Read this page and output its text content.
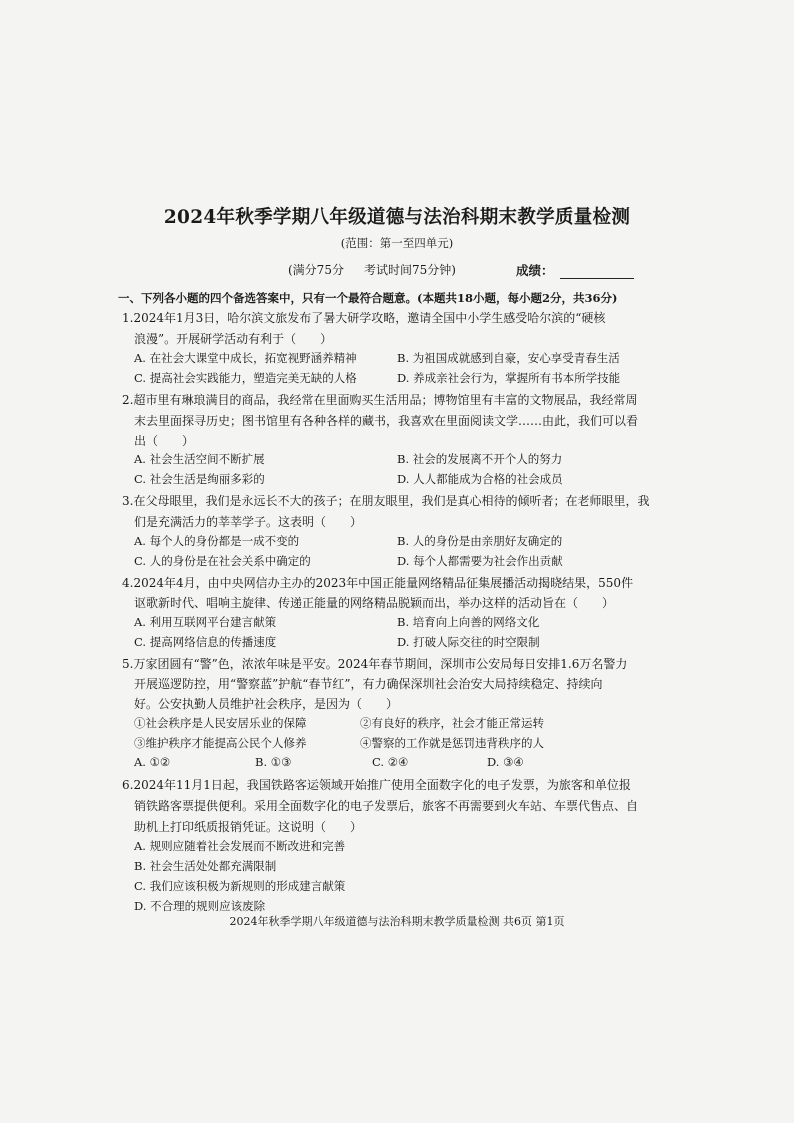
2024年秋季学期八年级道德与法治科期末教学质量检测
(范围：第一至四单元)
(满分75分 考试时间75分钟)	成绩：
一、下列各小题的四个备选答案中，只有一个最符合题意。(本题共18小题，每小题2分，共36分)
1.2024年1月3日，哈尔滨文旅发布了暑大研学攻略，邀请全国中小学生感受哈尔滨的“硬核
浪漫”。开展研学活动有利于（　　）
A. 在社会大课堂中成长，拓宽视野涵养精神	B. 为祖国成就感到自豪，安心享受青春生活
C. 提高社会实践能力，塑造完美无缺的人格	D. 养成亲社会行为，掌握所有书本所学技能
2.超市里有琳琅满目的商品，我经常在里面购买生活用品；博物馆里有丰富的文物展品，我经常周
末去里面探寻历史；图书馆里有各种各样的藏书，我喜欢在里面阅读文学……由此，我们可以看
出（　　）
A. 社会生活空间不断扩展	B. 社会的发展离不开个人的努力
C. 社会生活是绚丽多彩的	D. 人人都能成为合格的社会成员
3.在父母眼里，我们是永远长不大的孩子；在朋友眼里，我们是真心相待的倾听者；在老师眼里，我
们是充满活力的莘莘学子。这表明（　　）
A. 每个人的身份都是一成不变的	B. 人的身份是由亲朋好友确定的
C. 人的身份是在社会关系中确定的	D. 每个人都需要为社会作出贡献
4.2024年4月，由中央网信办主办的2023年中国正能量网络精品征集展播活动揭晓结果，550件
讴歌新时代、唱响主旋律、传递正能量的网络精品脱颖而出，举办这样的活动旨在（　　）
A. 利用互联网平台建言献策	B. 培育向上向善的网络文化
C. 提高网络信息的传播速度	D. 打破人际交往的时空限制
5.万家团圆有“警”色，浓浓年味是平安。2024年春节期间，深圳市公安局每日安排1.6万名警力
开展巡逻防控，用“警察蓝”护航“春节红”，有力确保深圳社会治安大局持续稳定、持续向
好。公安执勤人员维护社会秩序，是因为（　　）
①社会秩序是人民安居乐业的保障	②有良好的秩序，社会才能正常运转
③维护秩序才能提高公民个人修养	④警察的工作就是惩罚违背秩序的人
A. ①②	B. ①③	C. ②④	D. ③④
6.2024年11月1日起，我国铁路客运领域开始推广使用全面数字化的电子发票，为旅客和单位报
销铁路客票提供便利。采用全面数字化的电子发票后，旅客不再需要到火车站、车票代售点、自
助机上打印纸质报销凭证。这说明（　　）
A. 规则应随着社会发展而不断改进和完善
B. 社会生活处处都充满限制
C. 我们应该积极为新规则的形成建言献策
D. 不合理的规则应该废除
2024年秋季学期八年级道德与法治科期末教学质量检测 共6页 第1页
